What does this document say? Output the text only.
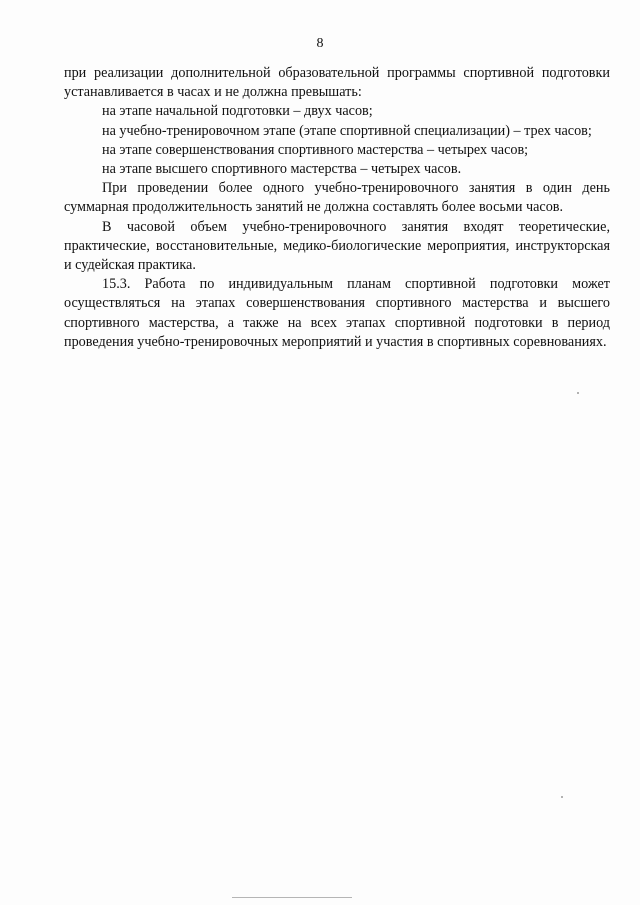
8

при реализации дополнительной образовательной программы спортивной подготовки устанавливается в часах и не должна превышать:

на этапе начальной подготовки – двух часов;

на учебно-тренировочном этапе (этапе спортивной специализации) – трех часов;

на этапе совершенствования спортивного мастерства – четырех часов;

на этапе высшего спортивного мастерства – четырех часов.

При проведении более одного учебно-тренировочного занятия в один день суммарная продолжительность занятий не должна составлять более восьми часов.

В часовой объем учебно-тренировочного занятия входят теоретические, практические, восстановительные, медико-биологические мероприятия, инструкторская и судейская практика.

15.3. Работа по индивидуальным планам спортивной подготовки может осуществляться на этапах совершенствования спортивного мастерства и высшего спортивного мастерства, а также на всех этапах спортивной подготовки в период проведения учебно-тренировочных мероприятий и участия в спортивных соревнованиях.
